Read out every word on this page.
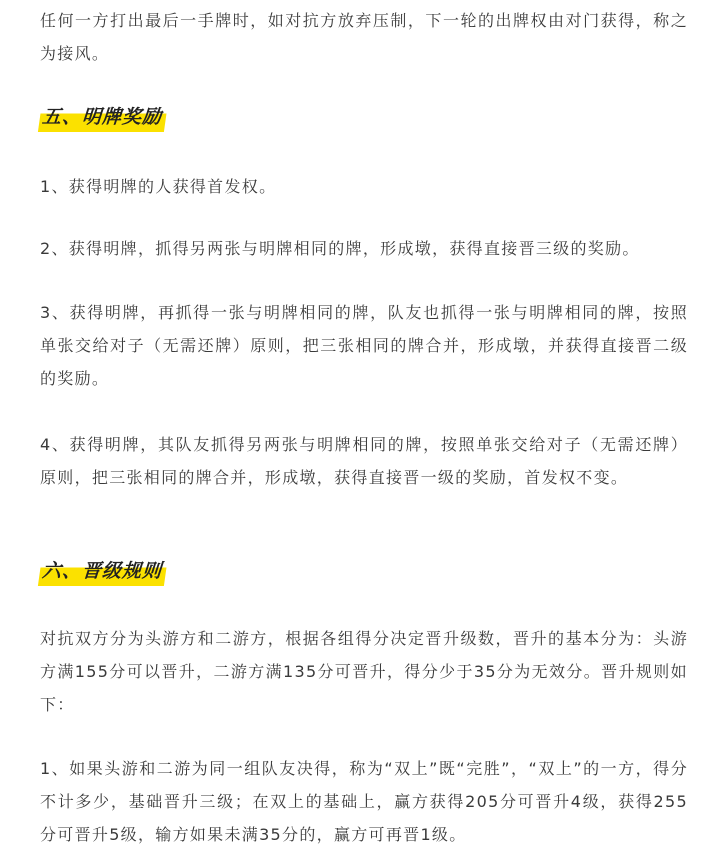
任何一方打出最后一手牌时，如对抗方放弃压制，下一轮的出牌权由对门获得，称之为接风。

五、明牌奖励

1、获得明牌的人获得首发权。

2、获得明牌，抓得另两张与明牌相同的牌，形成墩，获得直接晋三级的奖励。

3、获得明牌，再抓得一张与明牌相同的牌，队友也抓得一张与明牌相同的牌，按照单张交给对子（无需还牌）原则，把三张相同的牌合并，形成墩，并获得直接晋二级的奖励。

4、获得明牌，其队友抓得另两张与明牌相同的牌，按照单张交给对子（无需还牌）原则，把三张相同的牌合并，形成墩，获得直接晋一级的奖励，首发权不变。

六、晋级规则

对抗双方分为头游方和二游方，根据各组得分决定晋升级数，晋升的基本分为：头游方满155分可以晋升，二游方满135分可晋升，得分少于35分为无效分。晋升规则如下：

1、如果头游和二游为同一组队友决得，称为“双上”既“完胜”，“双上”的一方，得分不计多少，基础晋升三级；在双上的基础上，赢方获得205分可晋升4级，获得255分可晋升5级，输方如果未满35分的，赢方可再晋1级。
